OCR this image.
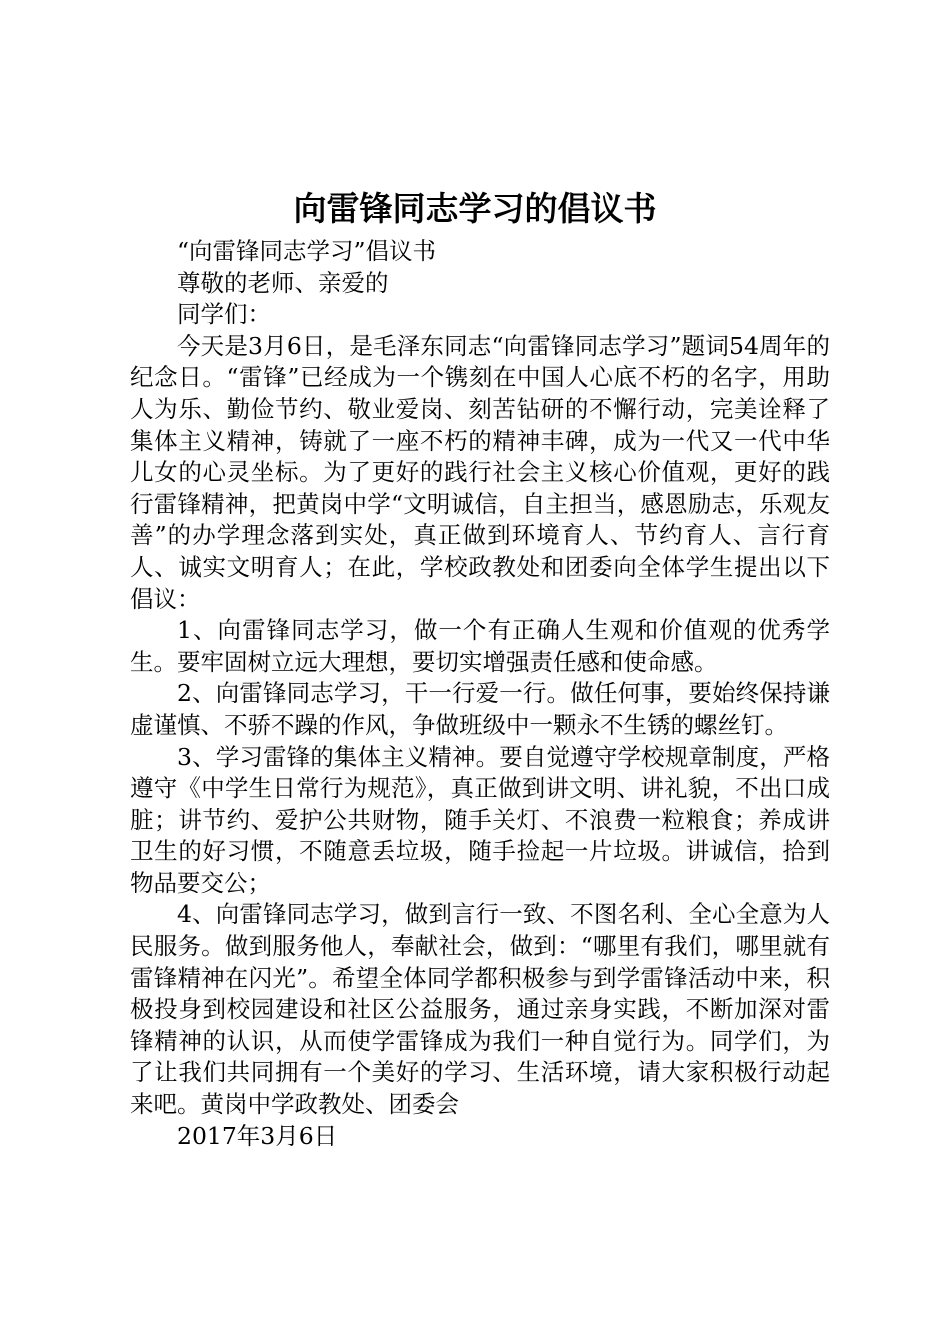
向雷锋同志学习的倡议书

“向雷锋同志学习”倡议书

尊敬的老师、亲爱的

同学们：

今天是3月6日，是毛泽东同志“向雷锋同志学习”题词54周年的纪念日。“雷锋”已经成为一个镌刻在中国人心底不朽的名字，用助人为乐、勤俭节约、敬业爱岗、刻苦钻研的不懈行动，完美诠释了集体主义精神，铸就了一座不朽的精神丰碑，成为一代又一代中华儿女的心灵坐标。为了更好的践行社会主义核心价值观，更好的践行雷锋精神，把黄岗中学“文明诚信，自主担当，感恩励志，乐观友善”的办学理念落到实处，真正做到环境育人、节约育人、言行育人、诚实文明育人；在此，学校政教处和团委向全体学生提出以下倡议：

1、向雷锋同志学习，做一个有正确人生观和价值观的优秀学生。要牢固树立远大理想，要切实增强责任感和使命感。

2、向雷锋同志学习，干一行爱一行。做任何事，要始终保持谦虚谨慎、不骄不躁的作风，争做班级中一颗永不生锈的螺丝钉。

3、学习雷锋的集体主义精神。要自觉遵守学校规章制度，严格遵守《中学生日常行为规范》，真正做到讲文明、讲礼貌，不出口成脏；讲节约、爱护公共财物，随手关灯、不浪费一粒粮食；养成讲卫生的好习惯，不随意丢垃圾，随手捡起一片垃圾。讲诚信，拾到物品要交公；

4、向雷锋同志学习，做到言行一致、不图名利、全心全意为人民服务。做到服务他人，奉献社会，做到：“哪里有我们，哪里就有雷锋精神在闪光”。希望全体同学都积极参与到学雷锋活动中来，积极投身到校园建设和社区公益服务，通过亲身实践，不断加深对雷锋精神的认识，从而使学雷锋成为我们一种自觉行为。同学们，为了让我们共同拥有一个美好的学习、生活环境，请大家积极行动起来吧。黄岗中学政教处、团委会

2017年3月6日
